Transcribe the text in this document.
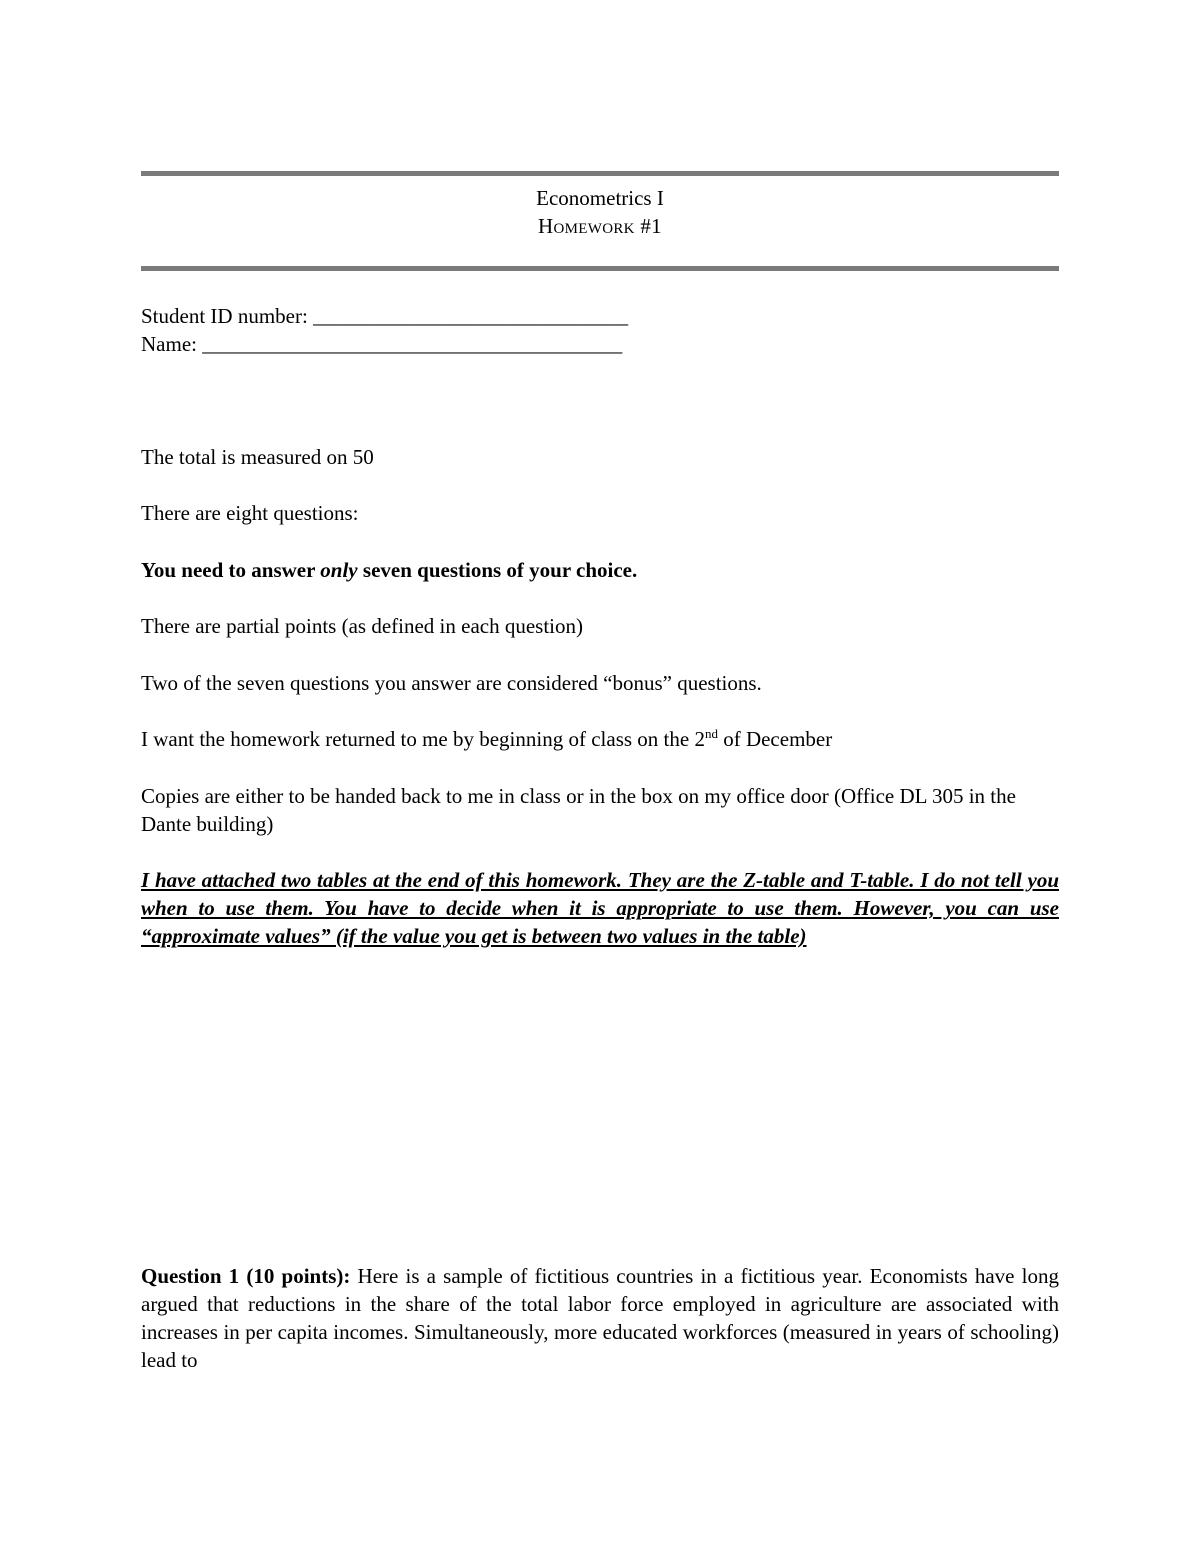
Econometrics I
Homework #1
Student ID number: ______________________________
Name: ________________________________________
The total is measured on 50
There are eight questions:
You need to answer only seven questions of your choice.
There are partial points (as defined in each question)
Two of the seven questions you answer are considered “bonus” questions.
I want the homework returned to me by beginning of class on the 2nd of December
Copies are either to be handed back to me in class or in the box on my office door (Office DL 305 in the Dante building)
I have attached two tables at the end of this homework. They are the Z-table and T-table. I do not tell you when to use them. You have to decide when it is appropriate to use them. However, you can use “approximate values” (if the value you get is between two values in the table)
Question 1 (10 points): Here is a sample of fictitious countries in a fictitious year. Economists have long argued that reductions in the share of the total labor force employed in agriculture are associated with increases in per capita incomes. Simultaneously, more educated workforces (measured in years of schooling) lead to
